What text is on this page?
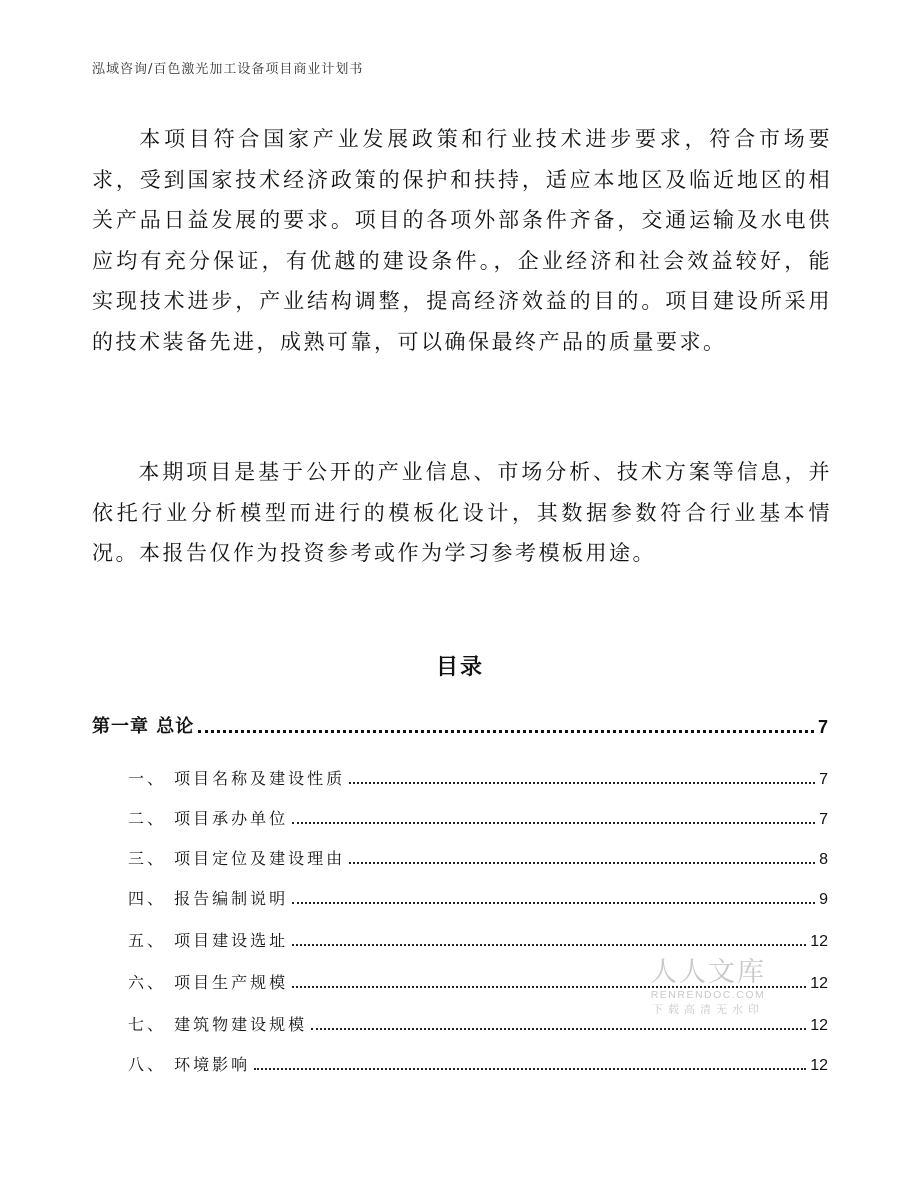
泓域咨询/百色激光加工设备项目商业计划书

本项目符合国家产业发展政策和行业技术进步要求，符合市场要求，受到国家技术经济政策的保护和扶持，适应本地区及临近地区的相关产品日益发展的要求。项目的各项外部条件齐备，交通运输及水电供应均有充分保证，有优越的建设条件。，企业经济和社会效益较好，能实现技术进步，产业结构调整，提高经济效益的目的。项目建设所采用的技术装备先进，成熟可靠，可以确保最终产品的质量要求。

本期项目是基于公开的产业信息、市场分析、技术方案等信息，并依托行业分析模型而进行的模板化设计，其数据参数符合行业基本情况。本报告仅作为投资参考或作为学习参考模板用途。

目录
第一章 总论	7
一、 项目名称及建设性质	7
二、 项目承办单位	7
三、 项目定位及建设理由	8
四、 报告编制说明	9
五、 项目建设选址	12
六、 项目生产规模	12
七、 建筑物建设规模	12
八、 环境影响	12
人人文库
RENRENDOC.COM
下载高清无水印
